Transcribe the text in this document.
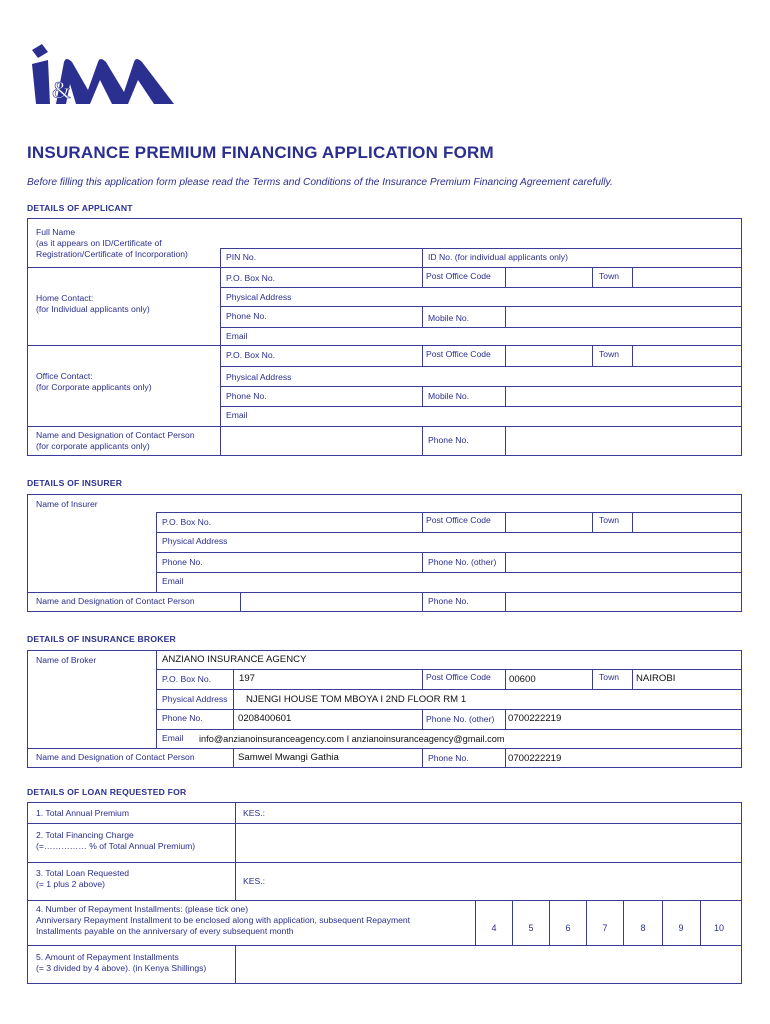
&
INSURANCE PREMIUM FINANCING APPLICATION FORM
Before filling this application form please read the Terms and Conditions of the Insurance Premium Financing Agreement carefully.
DETAILS OF APPLICANT
Full Name
(as it appears on ID/Certificate of
Registration/Certificate of Incorporation)	PIN No.	ID No. (for individual applicants only)
Home Contact:
(for Individual applicants only)
P.O. Box No.	Post Office Code	Town
Physical Address
Phone No.	Mobile No.
Email
Office Contact:
(for Corporate applicants only)
P.O. Box No.	Post Office Code	Town
Physical Address
Phone No.	Mobile No.
Email
Name and Designation of Contact Person
(for corporate applicants only)
Phone No.
DETAILS OF INSURER
Name of Insurer
P.O. Box No.	Post Office Code	Town
Physical Address
Phone No.	Phone No. (other)
Email
Name and Designation of Contact Person	Phone No.
DETAILS OF INSURANCE BROKER
Name of Broker	ANZIANO INSURANCE AGENCY
P.O. Box No.	197	Post Office Code 00600	Town NAIROBI
Physical Address NJENGI HOUSE TOM MBOYA I 2ND FLOOR RM 1
Phone No.	0208400601	Phone No. (other) 0700222219
Email info@anzianoinsuranceagency.com I anzianoinsuranceagency@gmail.com
Name and Designation of Contact Person	Samwel Mwangi Gathia	Phone No.	0700222219
DETAILS OF LOAN REQUESTED FOR
1. Total Annual Premium	KES.:
2. Total Financing Charge
(=…………… % of Total Annual Premium)
3. Total Loan Requested
(= 1 plus 2 above)	KES.:
4. Number of Repayment Installments: (please tick one)
Anniversary Repayment Installment to be enclosed along with application, subsequent Repayment
Installments payable on the anniversary of every subsequent month	4	5	6	7	8	9	10
5. Amount of Repayment Installments
(= 3 divided by 4 above). (in Kenya Shillings)
